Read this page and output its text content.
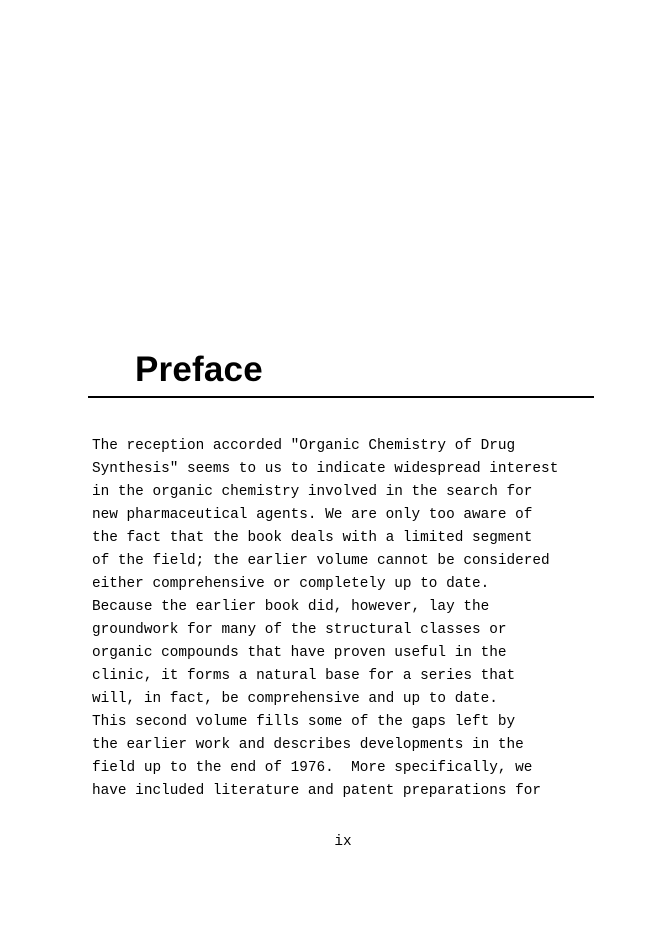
Preface
The reception accorded "Organic Chemistry of Drug
Synthesis" seems to us to indicate widespread interest
in the organic chemistry involved in the search for
new pharmaceutical agents. We are only too aware of
the fact that the book deals with a limited segment
of the field; the earlier volume cannot be considered
either comprehensive or completely up to date.
Because the earlier book did, however, lay the
groundwork for many of the structural classes or
organic compounds that have proven useful in the
clinic, it forms a natural base for a series that
will, in fact, be comprehensive and up to date.
This second volume fills some of the gaps left by
the earlier work and describes developments in the
field up to the end of 1976.  More specifically, we
have included literature and patent preparations for
ix
